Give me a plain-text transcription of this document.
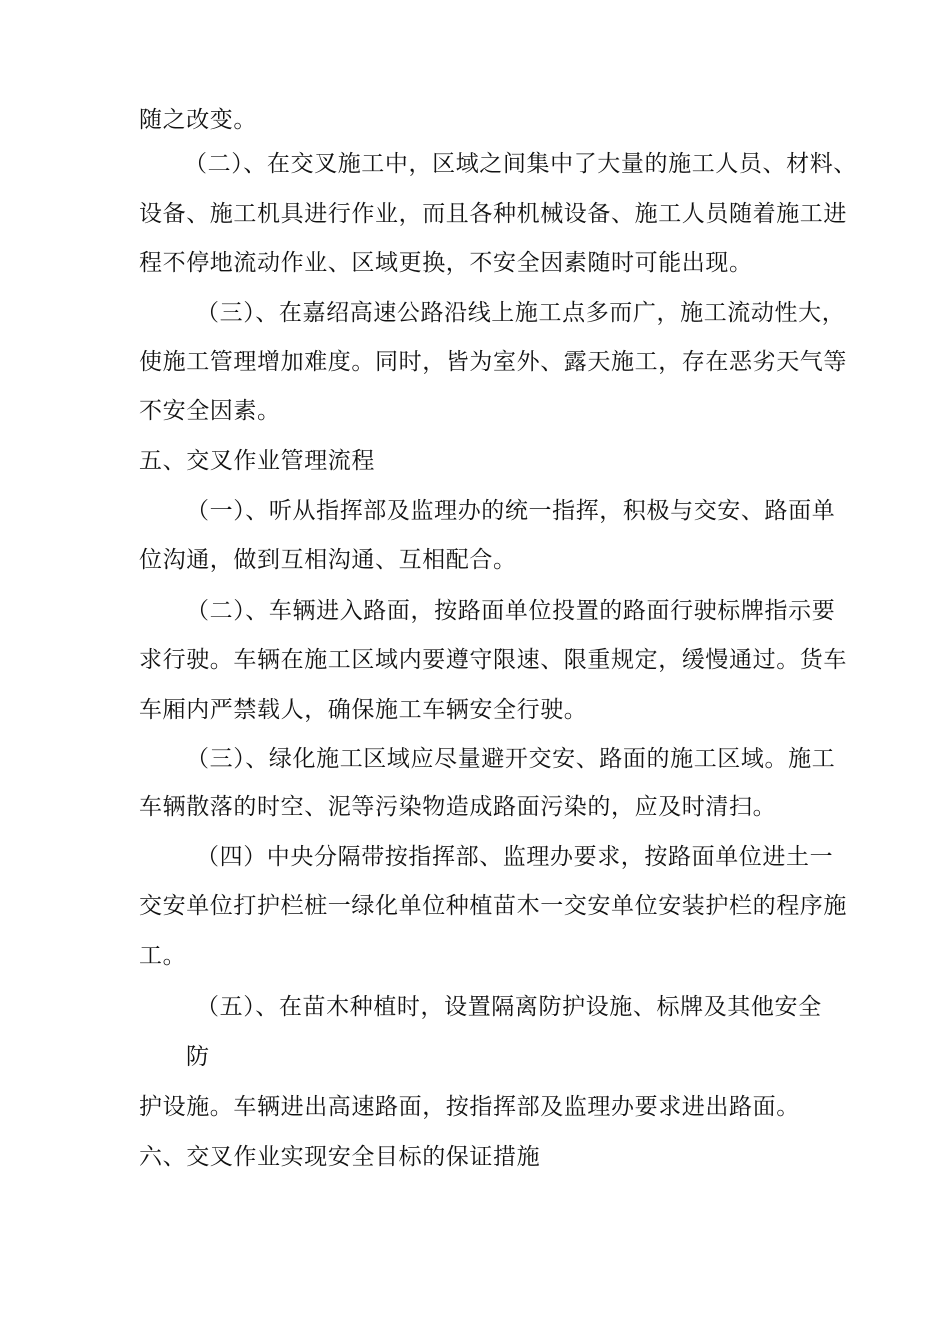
随之改变。
（二）、在交叉施工中，区域之间集中了大量的施工人员、材料、
设备、施工机具进行作业，而且各种机械设备、施工人员随着施工进
程不停地流动作业、区域更换，不安全因素随时可能出现。
（三）、在嘉绍高速公路沿线上施工点多而广，施工流动性大，
使施工管理增加难度。同时，皆为室外、露天施工，存在恶劣天气等
不安全因素。
五、交叉作业管理流程
（一）、听从指挥部及监理办的统一指挥，积极与交安、路面单
位沟通，做到互相沟通、互相配合。
（二）、车辆进入路面，按路面单位投置的路面行驶标牌指示要
求行驶。车辆在施工区域内要遵守限速、限重规定，缓慢通过。货车
车厢内严禁载人，确保施工车辆安全行驶。
（三）、绿化施工区域应尽量避开交安、路面的施工区域。施工
车辆散落的时空、泥等污染物造成路面污染的，应及时清扫。
（四）中央分隔带按指挥部、监理办要求，按路面单位进土一
交安单位打护栏桩一绿化单位种植苗木一交安单位安装护栏的程序施
工。
（五）、在苗木种植时，设置隔离防护设施、标牌及其他安全
防
护设施。车辆进出高速路面，按指挥部及监理办要求进出路面。
六、交叉作业实现安全目标的保证措施
